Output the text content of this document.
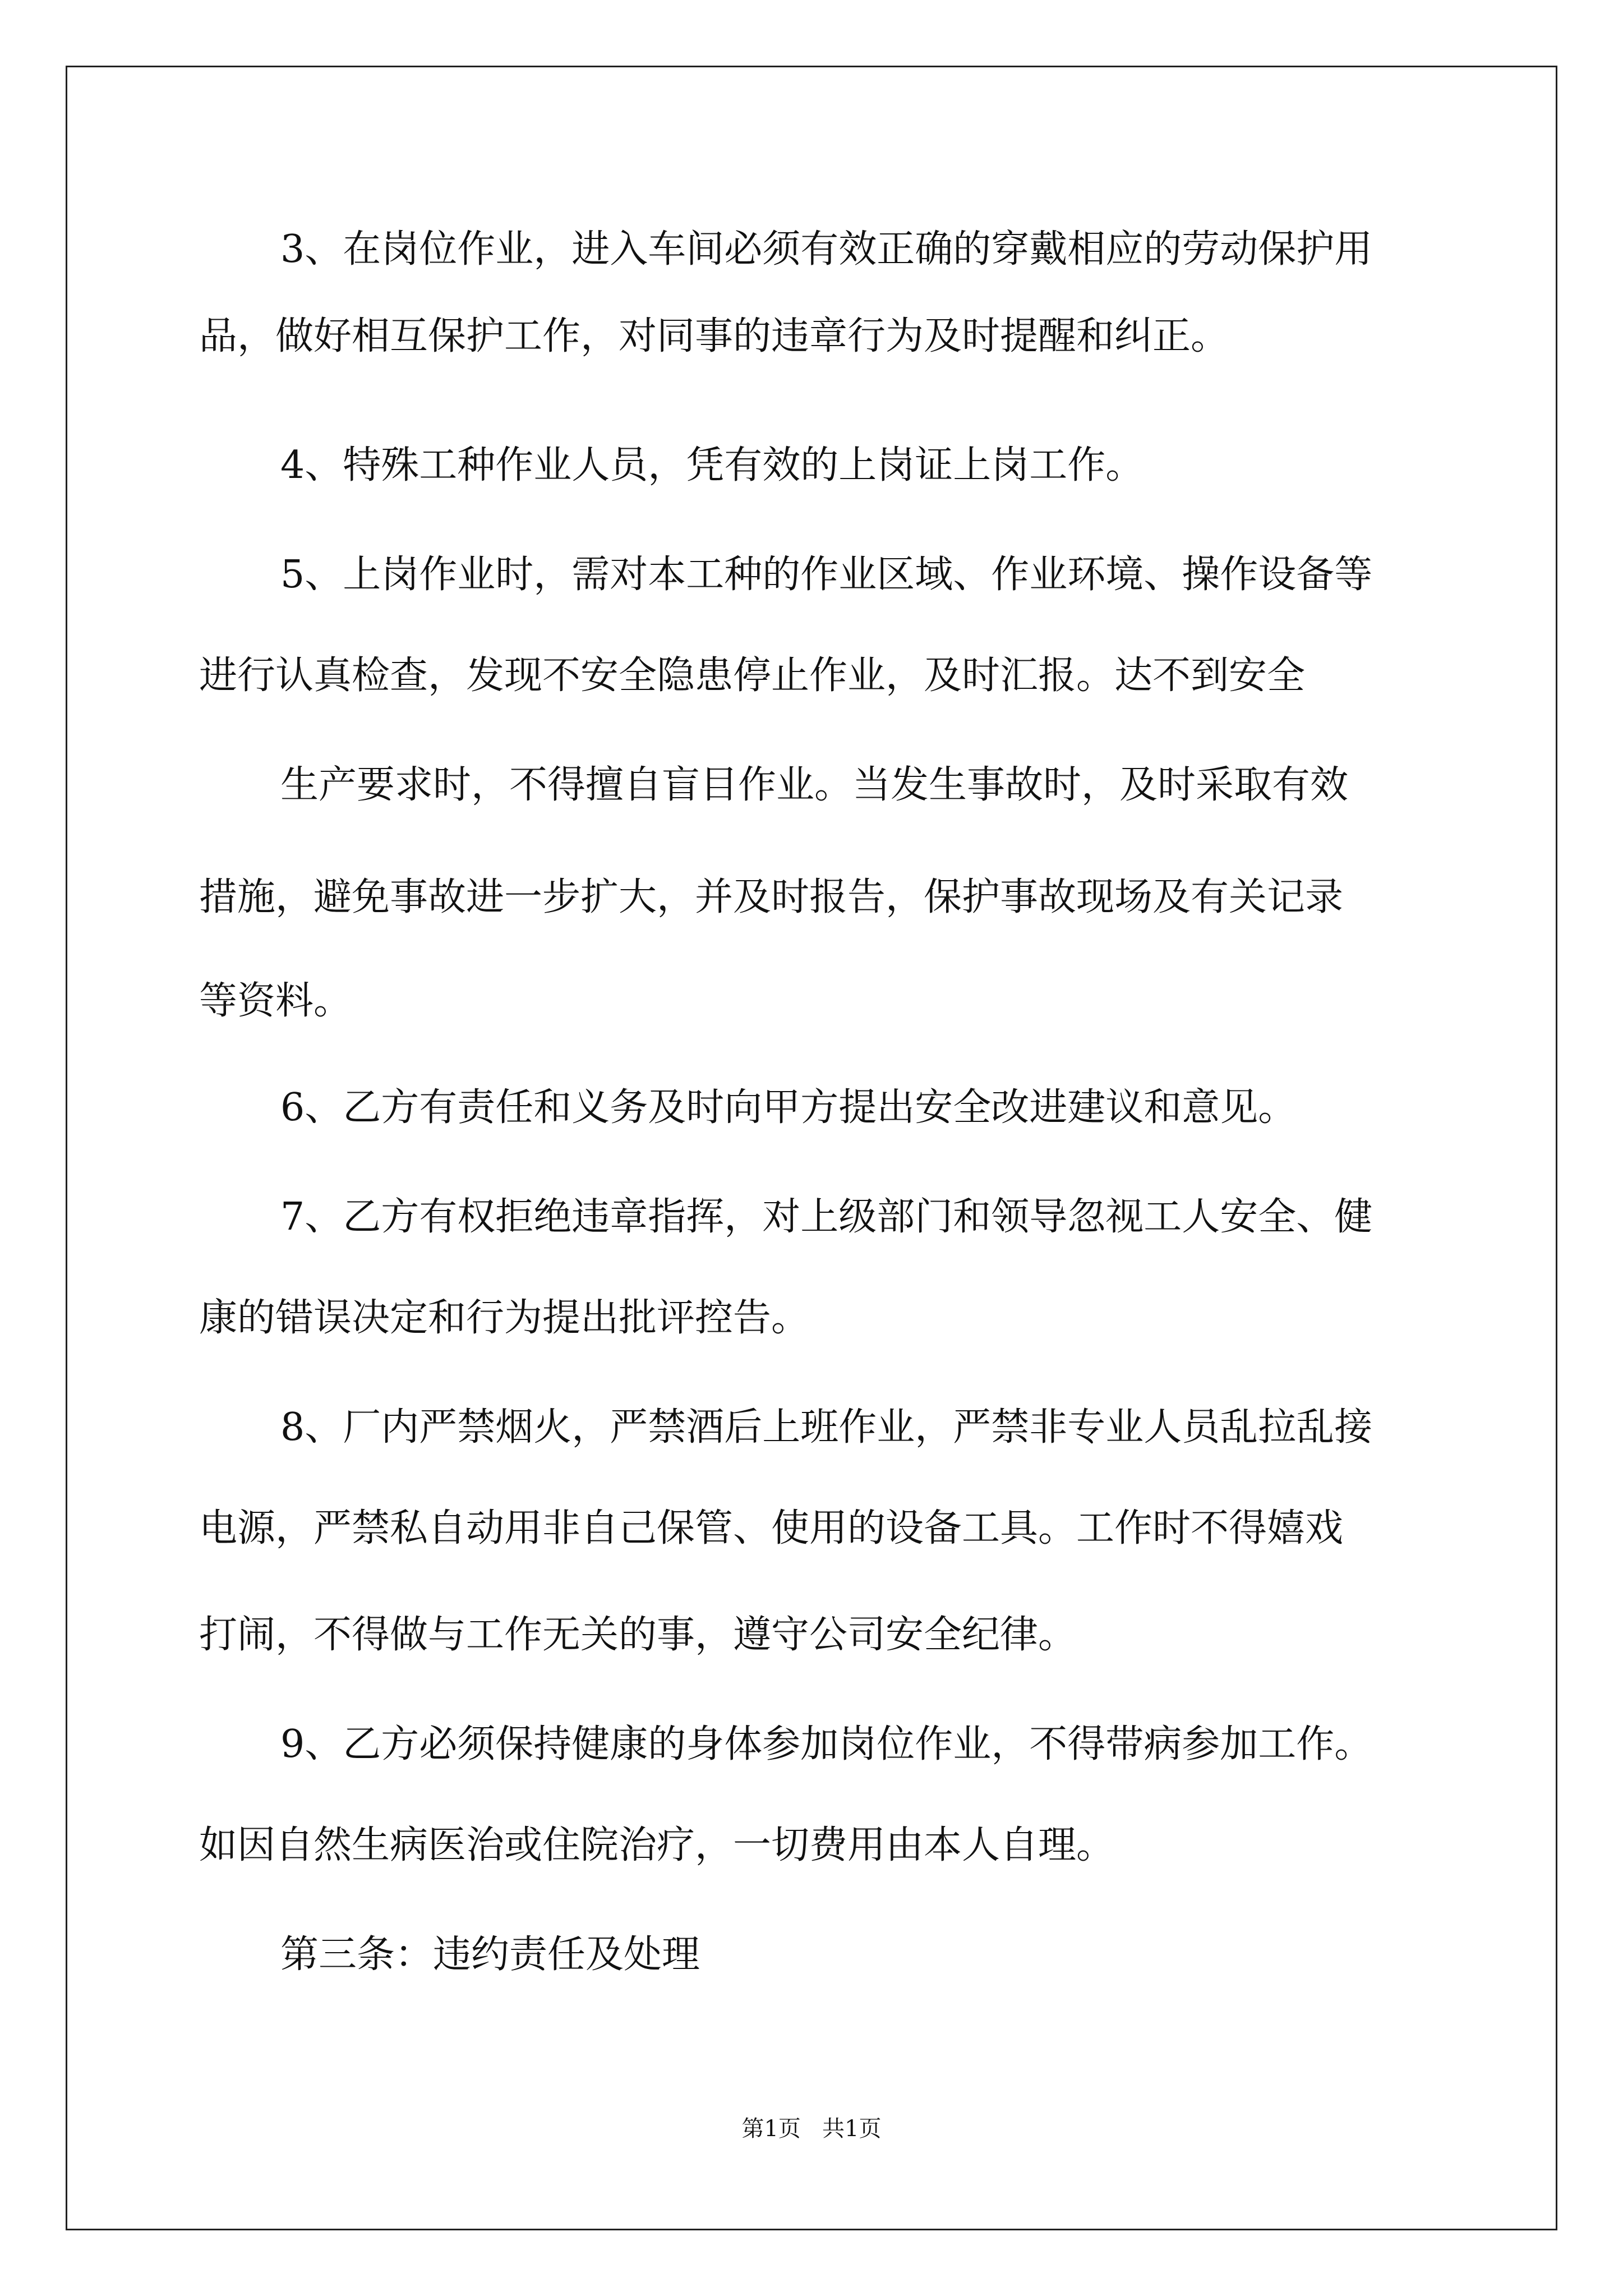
3、在岗位作业，进入车间必须有效正确的穿戴相应的劳动保护用
品，做好相互保护工作，对同事的违章行为及时提醒和纠正。
4、特殊工种作业人员，凭有效的上岗证上岗工作。
5、上岗作业时，需对本工种的作业区域、作业环境、操作设备等
进行认真检查，发现不安全隐患停止作业，及时汇报。达不到安全
生产要求时，不得擅自盲目作业。当发生事故时，及时采取有效
措施，避免事故进一步扩大，并及时报告，保护事故现场及有关记录
等资料。
6、乙方有责任和义务及时向甲方提出安全改进建议和意见。
7、乙方有权拒绝违章指挥，对上级部门和领导忽视工人安全、健
康的错误决定和行为提出批评控告。
8、厂内严禁烟火，严禁酒后上班作业，严禁非专业人员乱拉乱接
电源，严禁私自动用非自己保管、使用的设备工具。工作时不得嬉戏
打闹，不得做与工作无关的事，遵守公司安全纪律。
9、乙方必须保持健康的身体参加岗位作业，不得带病参加工作。
如因自然生病医治或住院治疗，一切费用由本人自理。
第三条：违约责任及处理
第1页   共1页
